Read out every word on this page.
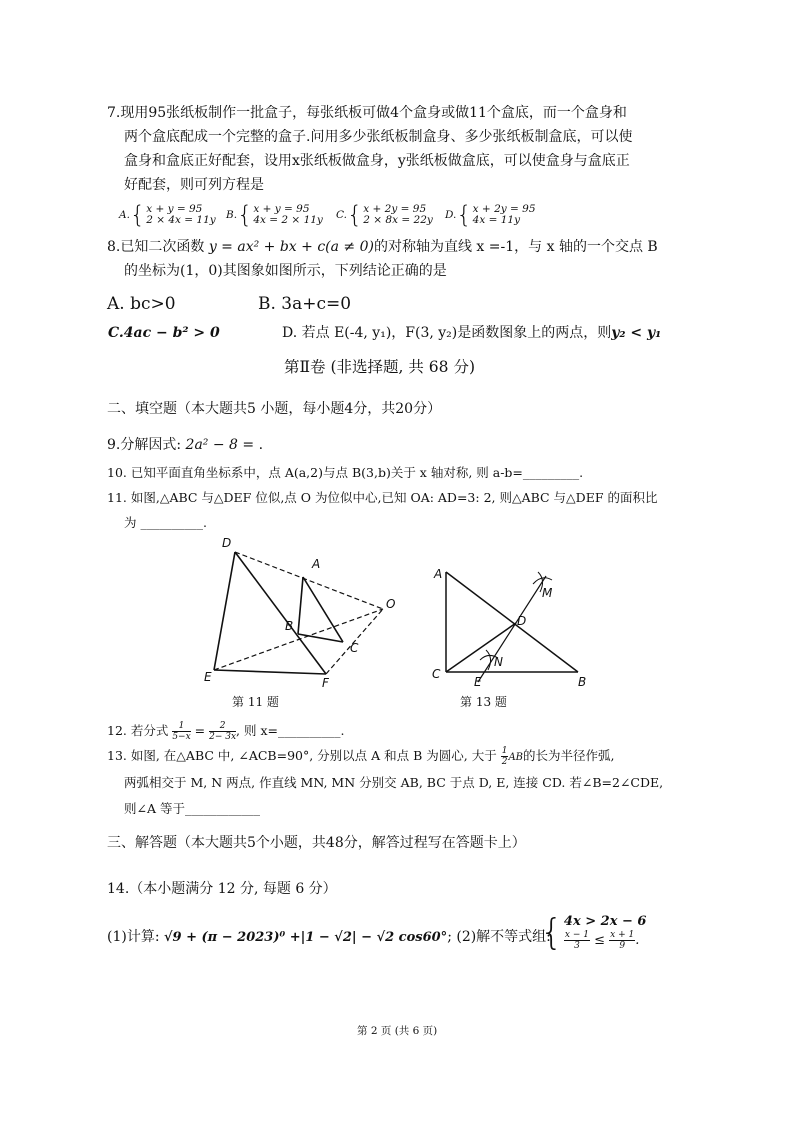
7.现用95张纸板制作一批盒子，每张纸板可做4个盒身或做11个盒底，而一个盒身和
两个盒底配成一个完整的盒子.问用多少张纸板制盒身、多少张纸板制盒底，可以使
盒身和盒底正好配套，设用x张纸板做盒身，y张纸板做盒底，可以使盒身与盒底正
好配套，则可列方程是
A.{ x + y = 95
2 × 4x = 11y B.{ x + y = 95
4x = 2 × 11y C.{ x + 2y = 95
2 × 8x = 22y D.{ x + 2y = 95
4x = 11y
8.已知二次函数 y = ax² + bx + c(a ≠ 0)的对称轴为直线 x =-1，与 x 轴的一个交点 B
的坐标为(1，0)其图象如图所示，下列结论正确的是
A. bc>0	B. 3a+c=0
C.4ac − b² > 0	D. 若点 E(-4, y₁)，F(3, y₂)是函数图象上的两点，则y₂ < y₁
第Ⅱ卷 (非选择题, 共 68 分)
二、填空题（本大题共5 小题，每小题4分，共20分）
9.分解因式: 2a² − 8 = .
10. 已知平面直角坐标系中，点 A(a,2)与点 B(3,b)关于 x 轴对称, 则 a-b=_________.
11. 如图,△ABC 与△DEF 位似,点 O 为位似中心,已知 OA: AD=3: 2, 则△ABC 与△DEF 的面积比
为 __________.
D
A
O
B
C
E	F
第 11 题
A
M
D
N
C
E	B
第 13 题
12. 若分式 $\frac{1}{5-x} = \frac{2}{2- 3x}$ , 则 x=__________.
13. 如图, 在△ABC 中, ∠ACB=90°, 分别以点 A 和点 B 为圆心, 大于 $\frac{1}{2}$ AB的长为半径作弧,
两弧相交于 M, N 两点, 作直线 MN, MN 分别交 AB, BC 于点 D, E, 连接 CD. 若∠B=2∠CDE,
则∠A 等于____________
三、解答题（本大题共5个小题，共48分，解答过程写在答题卡上）
14.（本小题满分 12 分, 每题 6 分）
(1)计算: √9 + (π − 2023)⁰ +|1 − √2| − √2 cos60°; (2)解不等式组:
{ 4x > 2x − 6
$\frac{x - 1}{3} \le \frac{x + 1}{9}$ .
第 2 页 (共 6 页)
